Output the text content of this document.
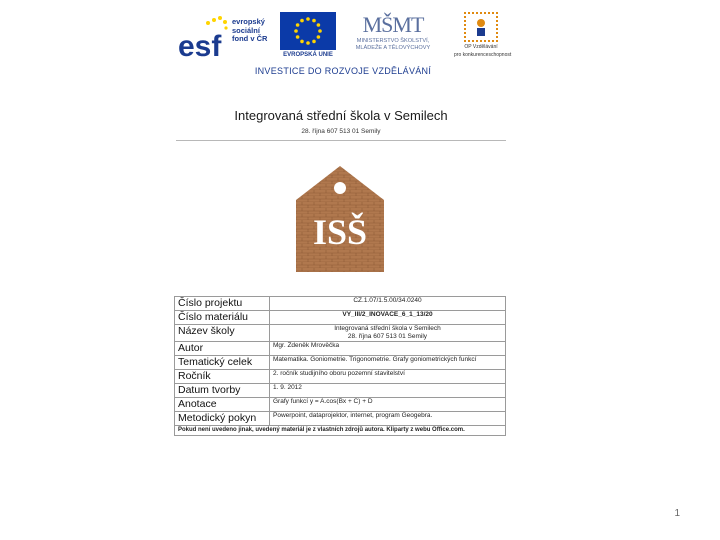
esf
evropský
sociální
fond v ČR
EVROPSKÁ UNIE
MŠMT
MINISTERSTVO ŠKOLSTVÍ,
MLÁDEŽE A TĚLOVÝCHOVY	OP Vzdělávání
pro konkurenceschopnost
INVESTICE DO ROZVOJE VZDĚLÁVÁNÍ
Integrovaná střední škola v Semilech
28. října 607 513 01 Semily
ISŠ
Číslo projektu	CZ.1.07/1.5.00/34.0240
Číslo materiálu	VY_III/2_INOVACE_6_1_13/20
Název školy	Integrovaná střední škola v Semilech
28. října 607 513 01 Semily

Autor	Mgr. Zdeněk Mrověčka
Tematický celek	Matematika. Goniometrie. Trigonometrie. Grafy goniometrických funkcí
Ročník	2. ročník studijního oboru pozemní stavitelství
Datum tvorby	1. 9. 2012
Anotace	Grafy funkcí y = A.cos(Bx + C) + D
Metodický pokyn	Powerpoint, dataprojektor, internet, program Geogebra.
Pokud není uvedeno jinak, uvedený materiál je z vlastních zdrojů autora. Kliparty z webu Office.com.	
1
